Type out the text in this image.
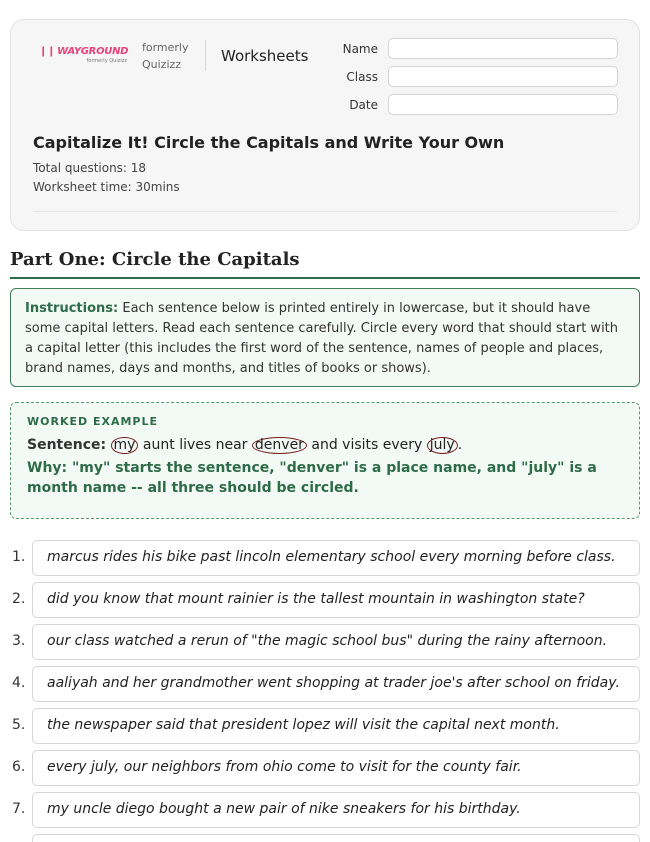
❙❙ WAYGROUND
formerly Quizizz
formerly
Quizizz	Worksheets	Name
Class
Date
Capitalize It! Circle the Capitals and Write Your Own
Total questions: 18
Worksheet time: 30mins
Part One: Circle the Capitals
Instructions: Each sentence below is printed entirely in lowercase, but it should have some capital letters. Read each sentence carefully. Circle every word that should start with a capital letter (this includes the first word of the sentence, names of people and places, brand names, days and months, and titles of books or shows).
WORKED EXAMPLE
Sentence: my aunt lives near denver and visits every july .
Why: "my" starts the sentence, "denver" is a place name, and "july" is a month name -- all three should be circled.
1.	marcus rides his bike past lincoln elementary school every morning before class.
2.	did you know that mount rainier is the tallest mountain in washington state?
3.	our class watched a rerun of "the magic school bus" during the rainy afternoon.
4.	aaliyah and her grandmother went shopping at trader joe's after school on friday.
5.	the newspaper said that president lopez will visit the capital next month.
6.	every july, our neighbors from ohio come to visit for the county fair.
7.	my uncle diego bought a new pair of nike sneakers for his birthday.
